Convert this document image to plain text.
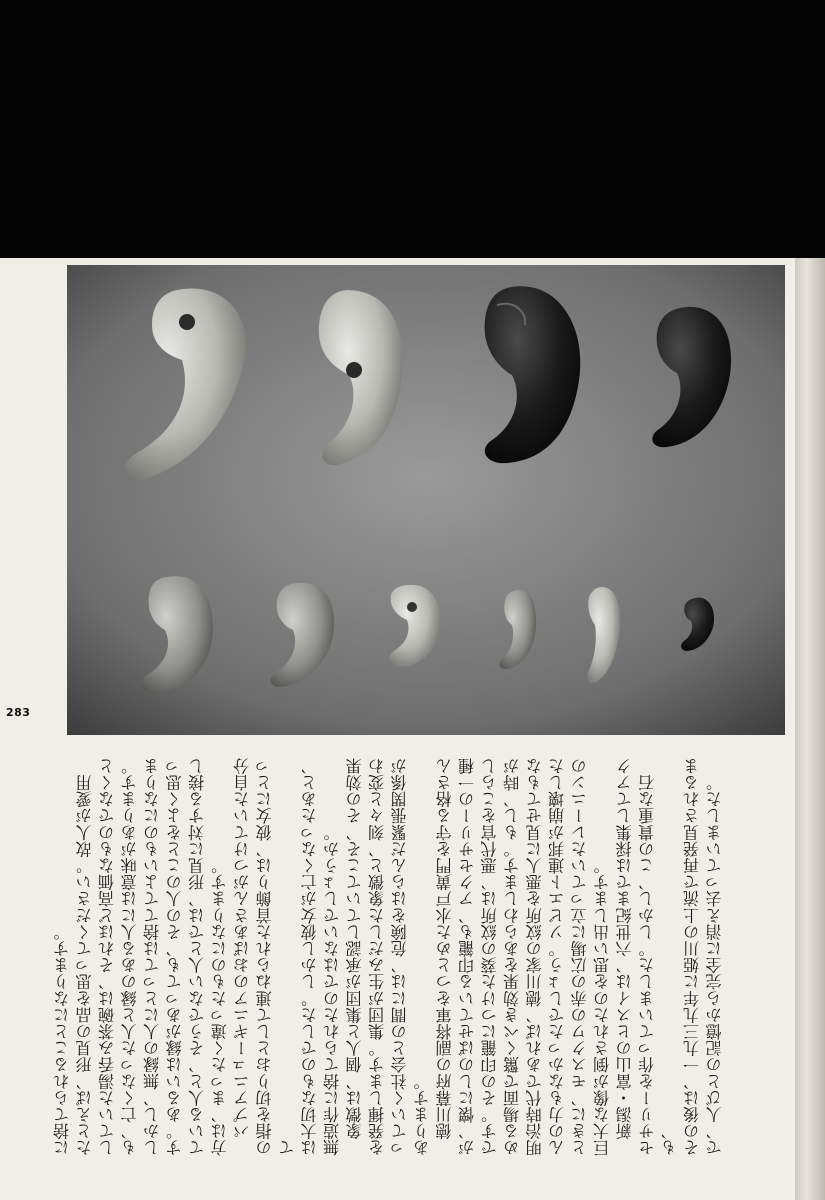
283

に捨てられることになります。 たとえば、形見の品を思ってください。故人が愛用 していた湯呑み茶碗は、それほど高価なものでなくと も、亡くなった人と縁のある人には意味があります。 しかし、無縁の人にとっては捨ててよいものになりま す。あるいは縁があっても、その人のことをよく思っ ている人と、そうでない人とでは、形見に対する接し 方は、まったく違ったものになります。 　パプアニューギニアのおばあさんがつけていた自分 の指を切りおとして連ねられた首飾りは、彼女にとって は大切なものでした。しかし彼女が亡くなったあと、 無造作に捨てられたのではないでしょうか。 　象徴は、個人と集団が承認していてこそ、その効果 を発揮します。集団が生みだした象徴と、刻々と変わ っていく社会との間には、危険をはらんだ緊張関係が あります。 　徳川幕府の副将軍をつとめた水戸黄門を守る格さん が、懐にしのばせている印籠も、アクセサリーの一種 です。その印籠につけた葵の紋所は、悪代官をこらし める場面で驚くべき効果をあらわします。もし、時が 明治時代であれば、徳川家の紋所を悪人に見せてもな んの力もなかったでしょう。ソビエト連邦が崩壊した ときに、モスクワの赤の広場に立っていたレーニンの 巨大な像が倒されたのを思い出します。 　新潟・富山のヒスイは、六世紀までは採集してアク セサリーを作っていました。しかし、この貴重な石も、 その後は、一九三九年に姫川の上流で再発見されるま で、人びとの記憶から完全に消え去っていました。
